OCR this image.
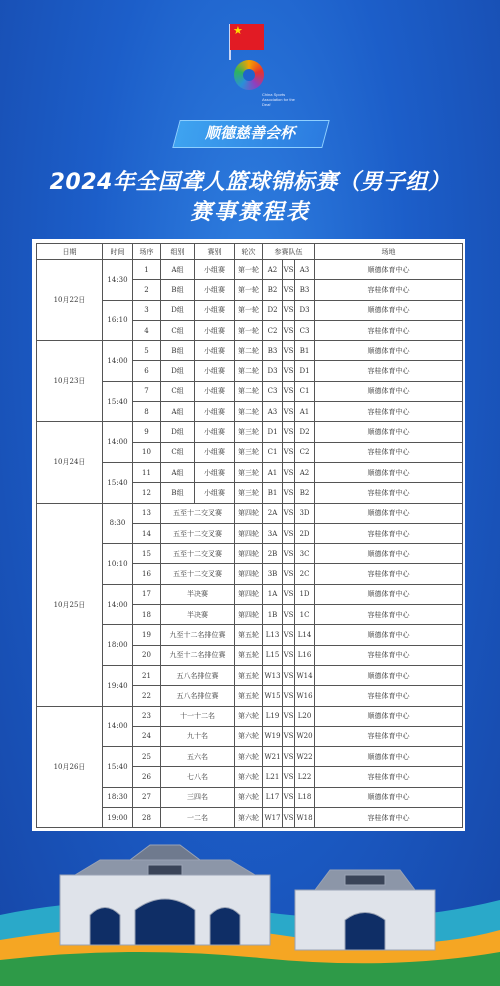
★
China Sports Association for the Deaf
顺德慈善会杯
2024年全国聋人篮球锦标赛（男子组）
赛事赛程表
日期	时间	场序	组别	赛别	轮次	参赛队伍			场地
10月22日	14:30	1	A组	小组赛	第一轮	A2	VS	A3	顺德体育中心
		2	B组	小组赛	第一轮	B2	VS	B3	容桂体育中心
	16:10	3	D组	小组赛	第一轮	D2	VS	D3	顺德体育中心
		4	C组	小组赛	第一轮	C2	VS	C3	容桂体育中心
10月23日	14:00	5	B组	小组赛	第二轮	B3	VS	B1	顺德体育中心
		6	D组	小组赛	第二轮	D3	VS	D1	容桂体育中心
	15:40	7	C组	小组赛	第二轮	C3	VS	C1	顺德体育中心
		8	A组	小组赛	第二轮	A3	VS	A1	容桂体育中心
10月24日	14:00	9	D组	小组赛	第三轮	D1	VS	D2	顺德体育中心
		10	C组	小组赛	第三轮	C1	VS	C2	容桂体育中心
	15:40	11	A组	小组赛	第三轮	A1	VS	A2	顺德体育中心
		12	B组	小组赛	第三轮	B1	VS	B2	容桂体育中心
10月25日	8:30	13	五至十二交叉赛		第四轮	2A	VS	3D	顺德体育中心
		14	五至十二交叉赛		第四轮	3A	VS	2D	容桂体育中心
	10:10	15	五至十二交叉赛		第四轮	2B	VS	3C	顺德体育中心
		16	五至十二交叉赛		第四轮	3B	VS	2C	容桂体育中心
	14:00	17	半决赛		第四轮	1A	VS	1D	顺德体育中心
		18	半决赛		第四轮	1B	VS	1C	容桂体育中心
	18:00	19	九至十二名排位赛		第五轮	L13	VS	L14	顺德体育中心
		20	九至十二名排位赛		第五轮	L15	VS	L16	容桂体育中心
	19:40	21	五八名排位赛		第五轮	W13	VS	W14	顺德体育中心
		22	五八名排位赛		第五轮	W15	VS	W16	容桂体育中心
10月26日	14:00	23	十一十二名		第六轮	L19	VS	L20	顺德体育中心
		24	九十名		第六轮	W19	VS	W20	容桂体育中心
	15:40	25	五六名		第六轮	W21	VS	W22	顺德体育中心
		26	七八名		第六轮	L21	VS	L22	容桂体育中心
	18:30	27	三四名		第六轮	L17	VS	L18	顺德体育中心
	19:00	28	一二名		第六轮	W17	VS	W18	容桂体育中心
